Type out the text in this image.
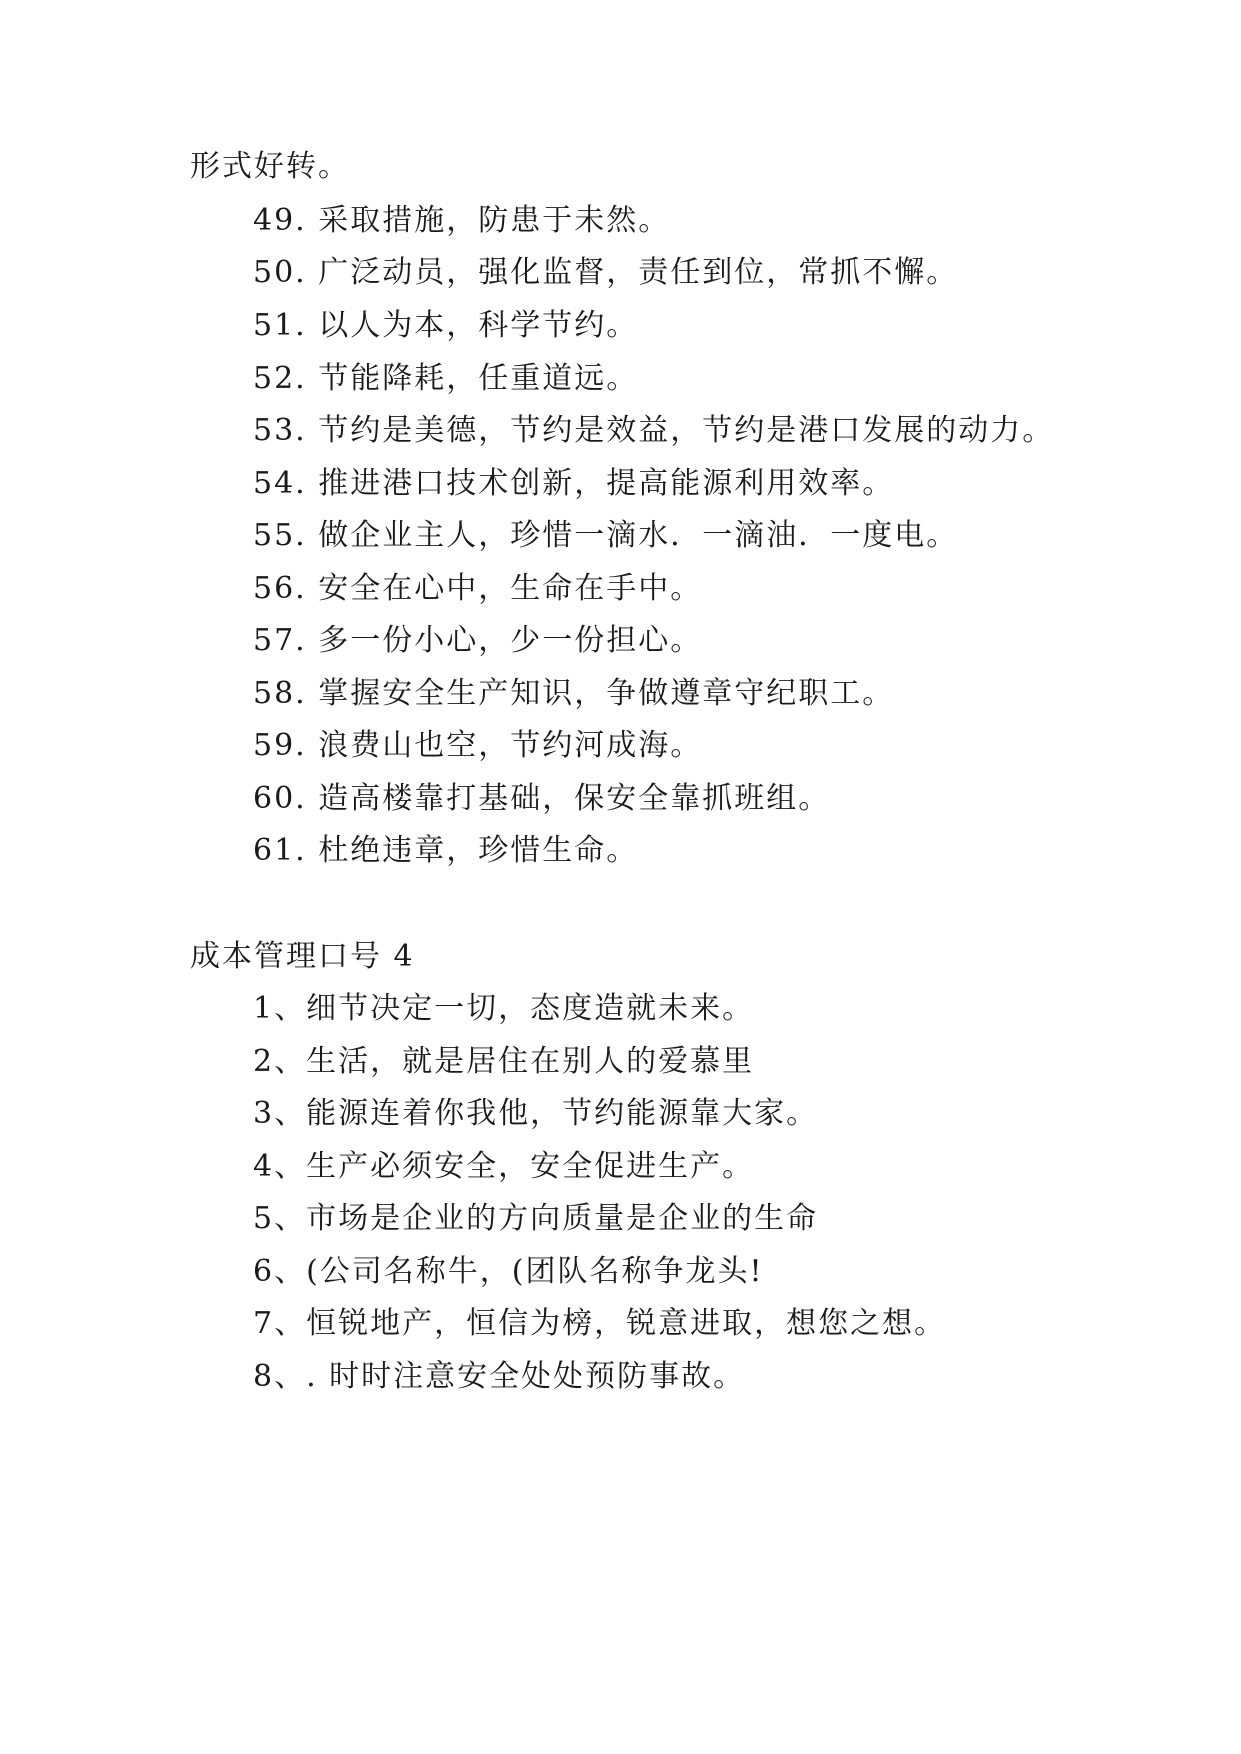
形式好转。
49. 采取措施，防患于未然。
50. 广泛动员，强化监督，责任到位，常抓不懈。
51. 以人为本，科学节约。
52. 节能降耗，任重道远。
53. 节约是美德，节约是效益，节约是港口发展的动力。
54. 推进港口技术创新，提高能源利用效率。
55. 做企业主人，珍惜一滴水．一滴油．一度电。
56. 安全在心中，生命在手中。
57. 多一份小心，少一份担心。
58. 掌握安全生产知识，争做遵章守纪职工。
59. 浪费山也空，节约河成海。
60. 造高楼靠打基础，保安全靠抓班组。
61. 杜绝违章，珍惜生命。
成本管理口号 4
1、细节决定一切，态度造就未来。
2、生活，就是居住在别人的爱慕里
3、能源连着你我他，节约能源靠大家。
4、生产必须安全，安全促进生产。
5、市场是企业的方向质量是企业的生命
6、(公司名称牛，(团队名称争龙头!
7、恒锐地产，恒信为榜，锐意进取，想您之想。
8、. 时时注意安全处处预防事故。
